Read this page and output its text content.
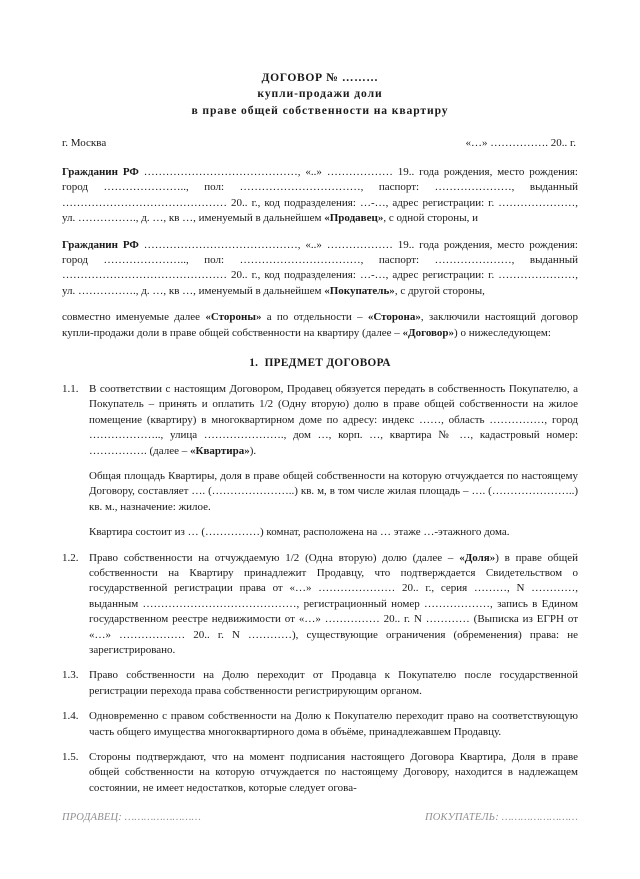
ДОГОВОР № ………
купли-продажи доли
в праве общей собственности на квартиру
г. Москва	«…» ……………. 20.. г.

Гражданин РФ ……………………………………, «..» ……………… 19.. года рождения, место рождения: город ………………….., пол: ……………………………, паспорт: …………………, выданный ……………………………………… 20.. г., код подразделения: …-…, адрес регистрации: г. …………………, ул. ……………., д. …, кв …, именуемый в дальнейшем «Продавец», с одной стороны, и

Гражданин РФ ……………………………………, «..» ……………… 19.. года рождения, место рождения: город ………………….., пол: ……………………………, паспорт: …………………, выданный ……………………………………… 20.. г., код подразделения: …-…, адрес регистрации: г. …………………, ул. ……………., д. …, кв …, именуемый в дальнейшем «Покупатель», с другой стороны,

совместно именуемые далее «Стороны» а по отдельности – «Сторона», заключили настоящий договор купли-продажи доли в праве общей собственности на квартиру (далее – «Договор») о нижеследующем:

1.  ПРЕДМЕТ ДОГОВОРА
1.1. В соответствии с настоящим Договором, Продавец обязуется передать в собственность Покупателю, а Покупатель – принять и оплатить 1/2 (Одну вторую) долю в праве общей собственности на жилое помещение (квартиру) в многоквартирном доме по адресу: индекс ……, область ……………, город ……………….., улица …………………., дом …, корп. …, квартира № …, кадастровый номер: ……………. (далее – «Квартира»).

Общая площадь Квартиры, доля в праве общей собственности на которую отчуждается по настоящему Договору, составляет …. (…………………..) кв. м, в том числе жилая площадь – …. (…………………..) кв. м., назначение: жилое.

Квартира состоит из … (……………) комнат, расположена на … этаже …-этажного дома.

1.2. Право собственности на отчуждаемую 1/2 (Одна вторую) долю (далее – «Доля») в праве общей собственности на Квартиру принадлежит Продавцу, что подтверждается Свидетельством о государственной регистрации права от «…» ………………… 20.. г., серия ………, N …………, выданным ……………………………………, регистрационный номер ………………, запись в Едином государственном реестре недвижимости от «…» …………… 20.. г. N ………… (Выписка из ЕГРН от «…» ……………… 20.. г. N …………), существующие ограничения (обременения) права: не зарегистрировано.

1.3. Право собственности на Долю переходит от Продавца к Покупателю после государственной регистрации перехода права собственности регистрирующим органом.

1.4. Одновременно с правом собственности на Долю к Покупателю переходит право на соответствующую часть общего имущества многоквартирного дома в объёме, принадлежавшем Продавцу.

1.5. Стороны подтверждают, что на момент подписания настоящего Договора Квартира, Доля в праве общей собственности на которую отчуждается по настоящему Договору, находится в надлежащем состоянии, не имеет недостатков, которые следует огова-

ПРОДАВЕЦ: ……………………	ПОКУПАТЕЛЬ: ……………………
